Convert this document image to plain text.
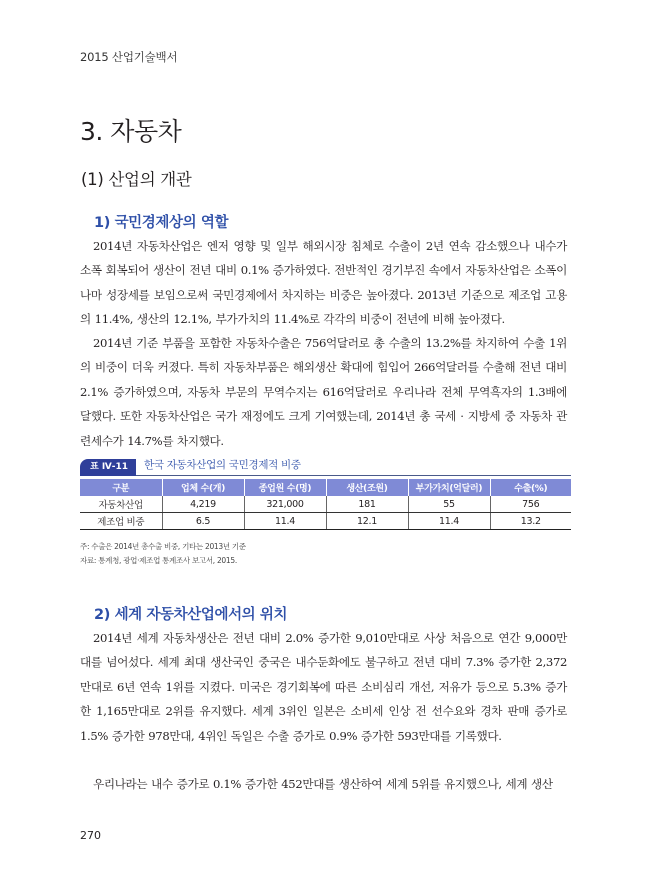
2015 산업기술백서
3. 자동차
(1) 산업의 개관
1) 국민경제상의 역할

2014년 자동차산업은 엔저 영향 및 일부 해외시장 침체로 수출이 2년 연속 감소했으나 내수가 소폭 회복되어 생산이 전년 대비 0.1% 증가하였다. 전반적인 경기부진 속에서 자동차산업은 소폭이나마 성장세를 보임으로써 국민경제에서 차지하는 비중은 높아졌다. 2013년 기준으로 제조업 고용의 11.4%, 생산의 12.1%, 부가가치의 11.4%로 각각의 비중이 전년에 비해 높아졌다.

2014년 기준 부품을 포함한 자동차수출은 756억달러로 총 수출의 13.2%를 차지하여 수출 1위의 비중이 더욱 커졌다. 특히 자동차부품은 해외생산 확대에 힘입어 266억달러를 수출해 전년 대비 2.1% 증가하였으며, 자동차 부문의 무역수지는 616억달러로 우리나라 전체 무역흑자의 1.3배에 달했다. 또한 자동차산업은 국가 재정에도 크게 기여했는데, 2014년 총 국세 · 지방세 중 자동차 관련세수가 14.7%를 차지했다.

표 Ⅳ-11	한국 자동차산업의 국민경제적 비중
구분	업체 수(개)	종업원 수(명)	생산(조원)	부가가치(억달러)	수출(%)
자동차산업	4,219	321,000	181	55	756
제조업 비중	6.5	11.4	12.1	11.4	13.2

주: 수출은 2014년 총수출 비중, 기타는 2013년 기준

자료: 통계청, 광업·제조업 통계조사 보고서, 2015.

2) 세계 자동차산업에서의 위치

2014년 세계 자동차생산은 전년 대비 2.0% 증가한 9,010만대로 사상 처음으로 연간 9,000만대를 넘어섰다. 세계 최대 생산국인 중국은 내수둔화에도 불구하고 전년 대비 7.3% 증가한 2,372만대로 6년 연속 1위를 지켰다. 미국은 경기회복에 따른 소비심리 개선, 저유가 등으로 5.3% 증가한 1,165만대로 2위를 유지했다. 세계 3위인 일본은 소비세 인상 전 선수요와 경차 판매 증가로 1.5% 증가한 978만대, 4위인 독일은 수출 증가로 0.9% 증가한 593만대를 기록했다.

우리나라는 내수 증가로 0.1% 증가한 452만대를 생산하여 세계 5위를 유지했으나, 세계 생산

270
